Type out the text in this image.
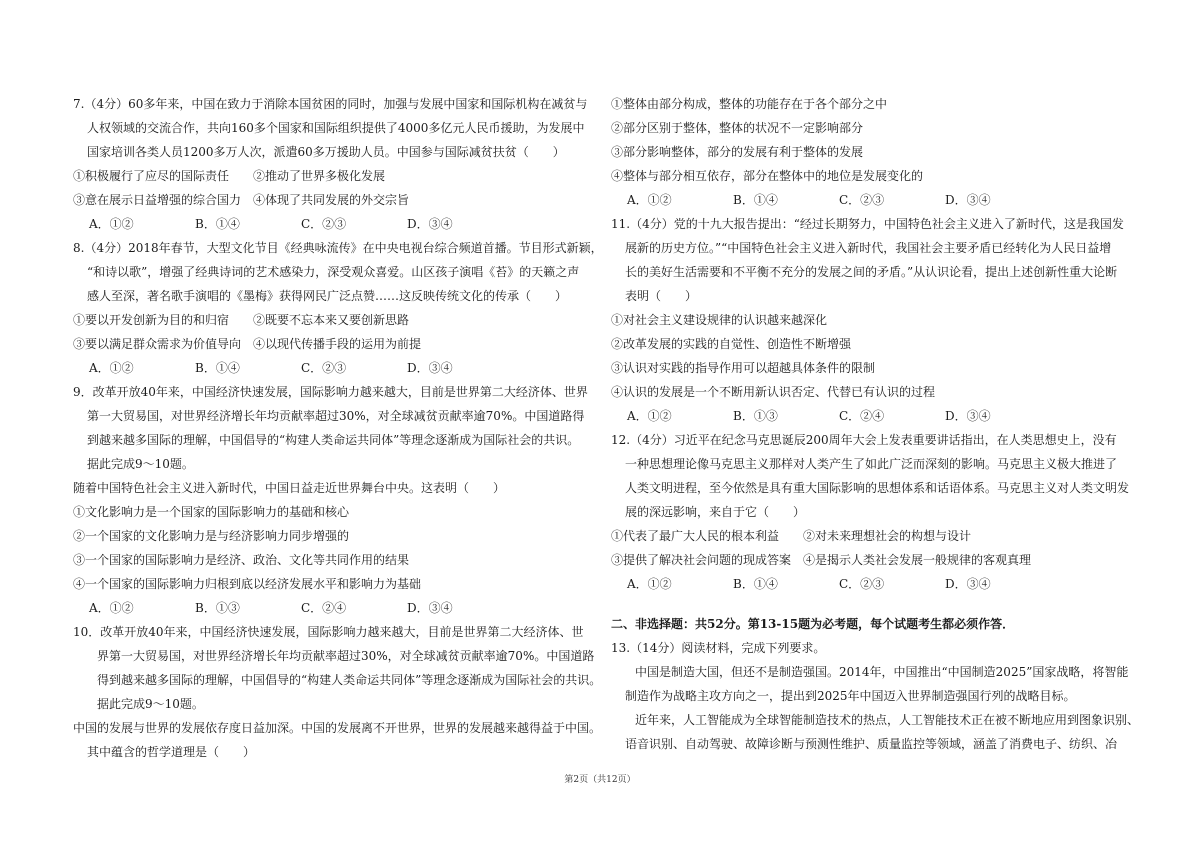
7.（4分）60多年来，中国在致力于消除本国贫困的同时，加强与发展中国家和国际机构在减贫与
人权领域的交流合作，共向160多个国家和国际组织提供了4000多亿元人民币援助，为发展中
国家培训各类人员1200多万人次，派遣60多万援助人员。中国参与国际减贫扶贫（　　）
①积极履行了应尽的国际责任　　②推动了世界多极化发展
③意在展示日益增强的综合国力　④体现了共同发展的外交宗旨
A．①②	B．①④	C．②③	D．③④
8.（4分）2018年春节，大型文化节目《经典咏流传》在中央电视台综合频道首播。节目形式新颖，
“和诗以歌”，增强了经典诗词的艺术感染力，深受观众喜爱。山区孩子演唱《苔》的天籁之声
感人至深，著名歌手演唱的《墨梅》获得网民广泛点赞……这反映传统文化的传承（　　）
①要以开发创新为目的和归宿　　②既要不忘本来又要创新思路
③要以满足群众需求为价值导向　④以现代传播手段的运用为前提
A．①②	B．①④	C．②③	D．③④
9．改革开放40年来，中国经济快速发展，国际影响力越来越大，目前是世界第二大经济体、世界
第一大贸易国，对世界经济增长年均贡献率超过30%，对全球减贫贡献率逾70%。中国道路得
到越来越多国际的理解，中国倡导的“构建人类命运共同体”等理念逐渐成为国际社会的共识。
据此完成9～10题。
随着中国特色社会主义进入新时代，中国日益走近世界舞台中央。这表明（　　）
①文化影响力是一个国家的国际影响力的基础和核心
②一个国家的文化影响力是与经济影响力同步增强的
③一个国家的国际影响力是经济、政治、文化等共同作用的结果
④一个国家的国际影响力归根到底以经济发展水平和影响力为基础
A．①②	B．①③	C．②④	D．③④
10．改革开放40年来，中国经济快速发展，国际影响力越来越大，目前是世界第二大经济体、世
界第一大贸易国，对世界经济增长年均贡献率超过30%，对全球减贫贡献率逾70%。中国道路
得到越来越多国际的理解，中国倡导的“构建人类命运共同体”等理念逐渐成为国际社会的共识。
据此完成9～10题。
中国的发展与世界的发展依存度日益加深。中国的发展离不开世界，世界的发展越来越得益于中国。
其中蕴含的哲学道理是（　　）
①整体由部分构成，整体的功能存在于各个部分之中
②部分区别于整体，整体的状况不一定影响部分
③部分影响整体，部分的发展有利于整体的发展
④整体与部分相互依存，部分在整体中的地位是发展变化的
A．①②	B．①④	C．②③	D．③④
11.（4分）党的十九大报告提出：“经过长期努力，中国特色社会主义进入了新时代，这是我国发
展新的历史方位。”“中国特色社会主义进入新时代，我国社会主要矛盾已经转化为人民日益增
长的美好生活需要和不平衡不充分的发展之间的矛盾。”从认识论看，提出上述创新性重大论断
表明（　　）
①对社会主义建设规律的认识越来越深化
②改革发展的实践的自觉性、创造性不断增强
③认识对实践的指导作用可以超越具体条件的限制
④认识的发展是一个不断用新认识否定、代替已有认识的过程
A．①②	B．①③	C．②④	D．③④
12.（4分）习近平在纪念马克思诞辰200周年大会上发表重要讲话指出，在人类思想史上，没有
一种思想理论像马克思主义那样对人类产生了如此广泛而深刻的影响。马克思主义极大推进了
人类文明进程，至今依然是具有重大国际影响的思想体系和话语体系。马克思主义对人类文明发
展的深远影响，来自于它（　　）
①代表了最广大人民的根本利益　　②对未来理想社会的构想与设计
③提供了解决社会问题的现成答案　④是揭示人类社会发展一般规律的客观真理
A．①②	B．①④	C．②③	D．③④
二、非选择题：共52分。第13-15题为必考题，每个试题考生都必须作答．
13.（14分）阅读材料，完成下列要求。
中国是制造大国，但还不是制造强国。2014年，中国推出“中国制造2025”国家战略，将智能
制造作为战略主攻方向之一，提出到2025年中国迈入世界制造强国行列的战略目标。
近年来，人工智能成为全球智能制造技术的热点，人工智能技术正在被不断地应用到图象识别、
语音识别、自动驾驶、故障诊断与预测性维护、质量监控等领域，涵盖了消费电子、纺织、冶
第2页（共12页）
